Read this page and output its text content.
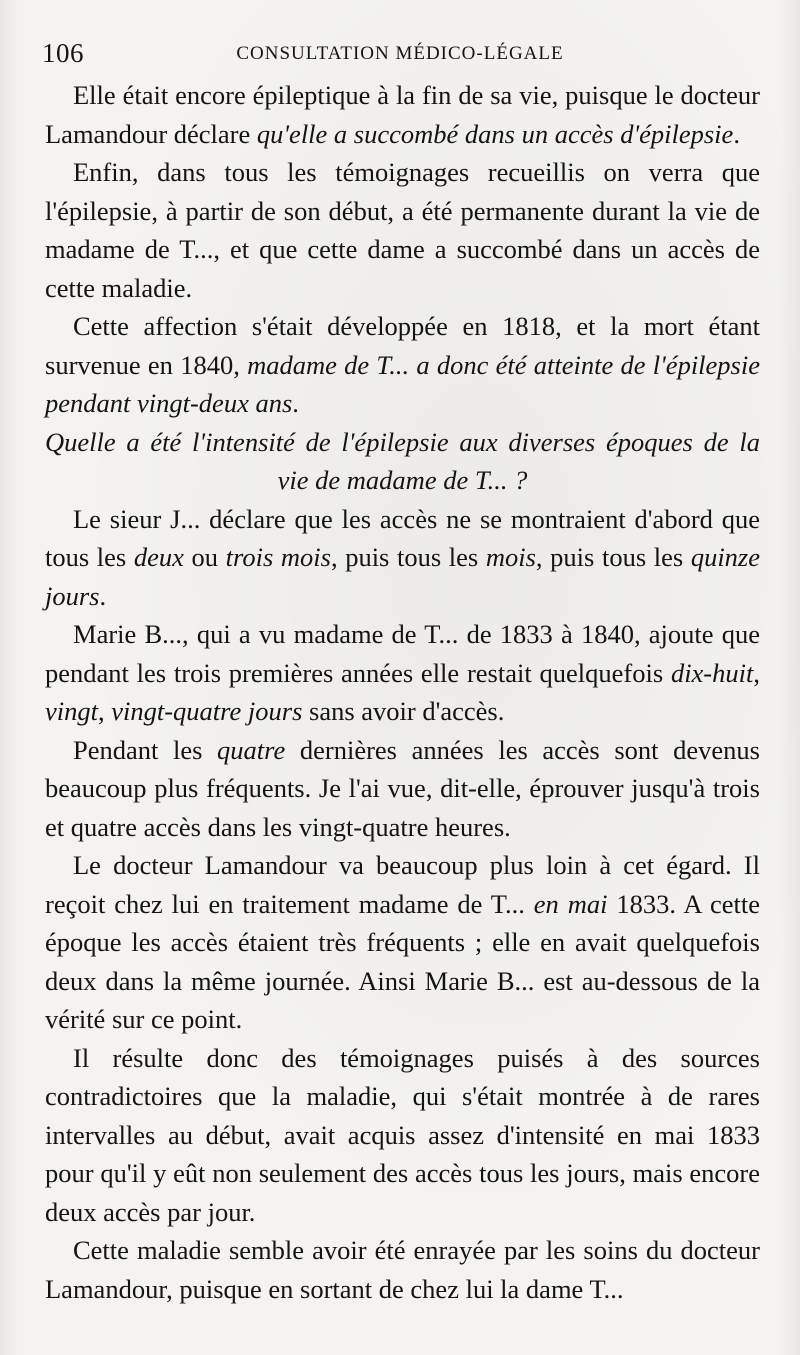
106	CONSULTATION MÉDICO-LÉGALE

Elle était encore épileptique à la fin de sa vie, puisque le docteur Lamandour déclare qu'elle a succombé dans un accès d'épilepsie.

Enfin, dans tous les témoignages recueillis on verra que l'épilepsie, à partir de son début, a été permanente durant la vie de madame de T..., et que cette dame a succombé dans un accès de cette maladie.

Cette affection s'était développée en 1818, et la mort étant survenue en 1840, madame de T... a donc été atteinte de l'épilepsie pendant vingt-deux ans.

Quelle a été l'intensité de l'épilepsie aux diverses époques de la

vie de madame de T... ?

Le sieur J... déclare que les accès ne se montraient d'abord que tous les deux ou trois mois, puis tous les mois, puis tous les quinze jours.

Marie B..., qui a vu madame de T... de 1833 à 1840, ajoute que pendant les trois premières années elle restait quelquefois dix-huit, vingt, vingt-quatre jours sans avoir d'accès.

Pendant les quatre dernières années les accès sont devenus beaucoup plus fréquents. Je l'ai vue, dit-elle, éprouver jusqu'à trois et quatre accès dans les vingt-quatre heures.

Le docteur Lamandour va beaucoup plus loin à cet égard. Il reçoit chez lui en traitement madame de T... en mai 1833. A cette époque les accès étaient très fréquents ; elle en avait quelquefois deux dans la même journée. Ainsi Marie B... est au-dessous de la vérité sur ce point.

Il résulte donc des témoignages puisés à des sources contradictoires que la maladie, qui s'était montrée à de rares intervalles au début, avait acquis assez d'intensité en mai 1833 pour qu'il y eût non seulement des accès tous les jours, mais encore deux accès par jour.

Cette maladie semble avoir été enrayée par les soins du docteur Lamandour, puisque en sortant de chez lui la dame T...
